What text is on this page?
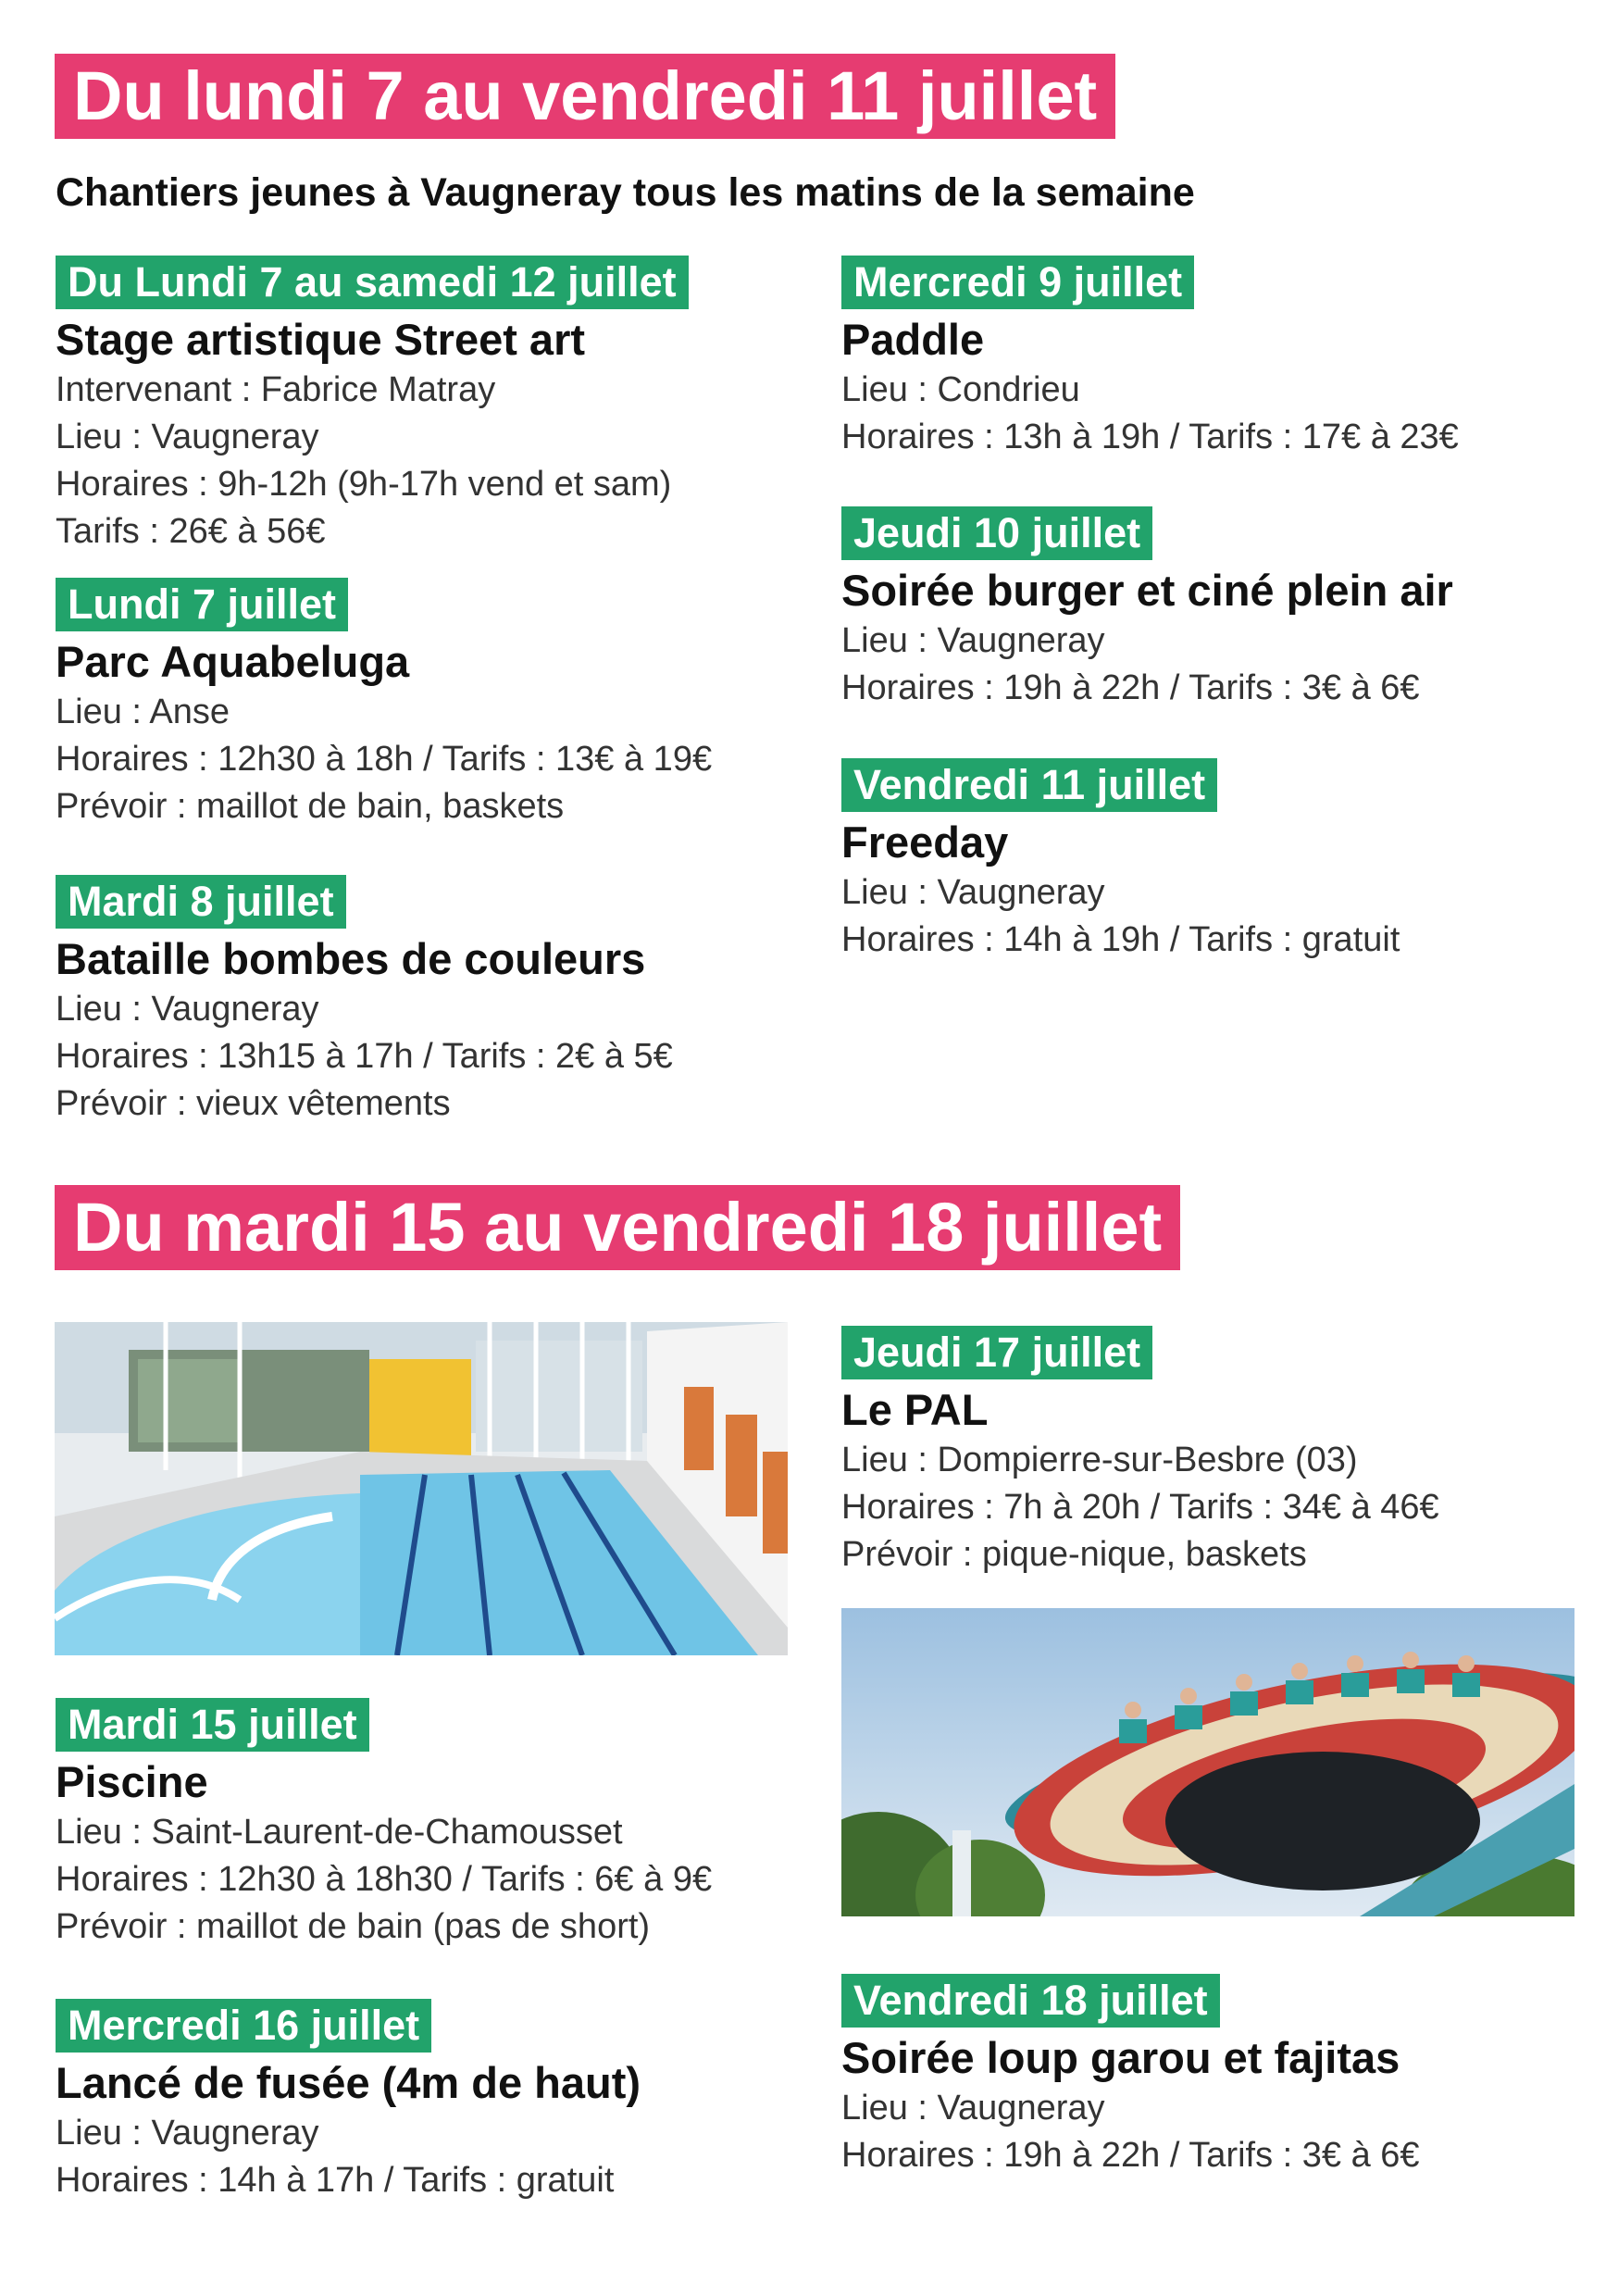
Du lundi 7 au vendredi 11 juillet
Chantiers jeunes à Vaugneray tous les matins de la semaine
Du Lundi 7 au samedi 12 juillet
Stage artistique Street art
Intervenant : Fabrice Matray
Lieu : Vaugneray
Horaires : 9h-12h (9h-17h vend et sam)
Tarifs : 26€ à 56€
Lundi 7 juillet
Parc Aquabeluga
Lieu : Anse
Horaires : 12h30 à 18h / Tarifs : 13€ à 19€
Prévoir : maillot de bain, baskets
Mardi 8 juillet
Bataille bombes de couleurs
Lieu : Vaugneray
Horaires : 13h15 à 17h / Tarifs : 2€ à 5€
Prévoir : vieux vêtements
Mercredi 9 juillet
Paddle
Lieu : Condrieu
Horaires : 13h à 19h / Tarifs : 17€ à 23€
Jeudi 10 juillet
Soirée burger et ciné plein air
Lieu : Vaugneray
Horaires : 19h à 22h / Tarifs : 3€ à 6€
Vendredi 11 juillet
Freeday
Lieu : Vaugneray
Horaires : 14h à 19h / Tarifs : gratuit
Du mardi 15 au vendredi 18 juillet
Mardi 15 juillet
Piscine
Lieu : Saint-Laurent-de-Chamousset
Horaires : 12h30 à 18h30 / Tarifs : 6€ à 9€
Prévoir : maillot de bain (pas de short)
Mercredi 16 juillet
Lancé de fusée (4m de haut)
Lieu : Vaugneray
Horaires : 14h à 17h / Tarifs : gratuit
Jeudi 17 juillet
Le PAL
Lieu : Dompierre-sur-Besbre (03)
Horaires : 7h à 20h / Tarifs : 34€ à 46€
Prévoir : pique-nique, baskets
Vendredi 18 juillet
Soirée loup garou et fajitas
Lieu : Vaugneray
Horaires : 19h à 22h / Tarifs : 3€ à 6€
